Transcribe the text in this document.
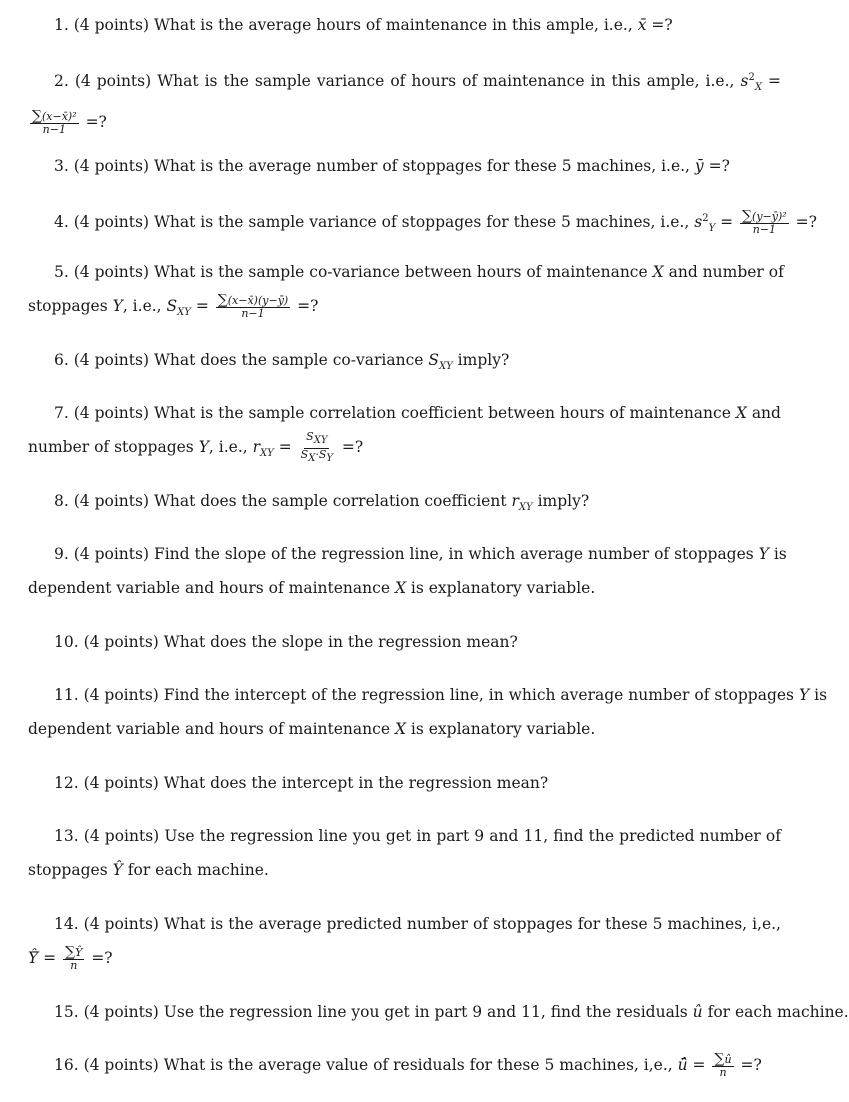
1. (4 points) What is the average hours of maintenance in this ample, i.e., x̄ =?
2. (4 points) What is the sample variance of hours of maintenance in this ample, i.e., $s^2_X$ =
$\frac{\text{∑(x−x̄)²}}{n-1}$ =?
3. (4 points) What is the average number of stoppages for these 5 machines, i.e., ȳ =?
4. (4 points) What is the sample variance of stoppages for these 5 machines, i.e., $s^2_Y = \frac{\text{∑(y−ȳ)²}}{n-1}$ =?
5. (4 points) What is the sample co-variance between hours of maintenance X and number of
stoppages Y, i.e., $S_{XY} = \frac{\sum(x-x̄)(y-ȳ)}{n-1}$ =?
6. (4 points) What does the sample co-variance $S_{XY}$ imply?
7. (4 points) What is the sample correlation coefficient between hours of maintenance X and
number of stoppages Y, i.e., $r_{XY} = \frac{S_{XY}}{S_X\cdot S_Y}$ =?
8. (4 points) What does the sample correlation coefficient $r_{XY}$ imply?
9. (4 points) Find the slope of the regression line, in which average number of stoppages Y is
dependent variable and hours of maintenance X is explanatory variable.
10. (4 points) What does the slope in the regression mean?
11. (4 points) Find the intercept of the regression line, in which average number of stoppages Y is
dependent variable and hours of maintenance X is explanatory variable.
12. (4 points) What does the intercept in the regression mean?
13. (4 points) Use the regression line you get in part 9 and 11, find the predicted number of
stoppages Ŷ for each machine.
14. (4 points) What is the average predicted number of stoppages for these 5 machines, i,e.,
Ŷ̄ = $\frac{\sum Ŷ}{n}$ =?
15. (4 points) Use the regression line you get in part 9 and 11, find the residuals û for each machine.
16. (4 points) What is the average value of residuals for these 5 machines, i,e., ū̂ = $\frac{\sum û}{n}$ =?
